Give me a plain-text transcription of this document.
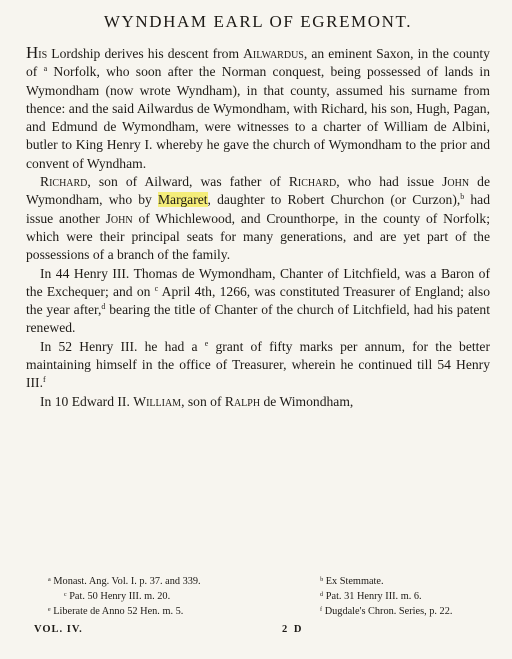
WYNDHAM EARL OF EGREMONT.

His Lordship derives his descent from Ailwardus, an eminent Saxon, in the county of $^a$ Norfolk, who soon after the Norman conquest, being possessed of lands in Wymondham (now wrote Wyndham), in that county, assumed his surname from thence: and the said Ailwardus de Wymondham, with Richard, his son, Hugh, Pagan, and Edmund de Wymondham, were witnesses to a charter of William de Albini, butler to King Henry I. whereby he gave the church of Wymondham to the prior and convent of Wyndham.

Richard, son of Ailward, was father of Richard, who had issue John de Wymondham, who by Margaret, daughter to Robert Churchon (or Curzon),$^b$ had issue another John of Whichlewood, and Crounthorpe, in the county of Norfolk; which were their principal seats for many generations, and are yet part of the possessions of a branch of the family.

In 44 Henry III. Thomas de Wymondham, Chanter of Litchfield, was a Baron of the Exchequer; and on $^c$ April 4th, 1266, was constituted Treasurer of England; also the year after,$^d$ bearing the title of Chanter of the church of Litchfield, had his patent renewed.

In 52 Henry III. he had a $^e$ grant of fifty marks per annum, for the better maintaining himself in the office of Treasurer, wherein he continued till 54 Henry III.$^f$

In 10 Edward II. William, son of Ralph de Wimondham,

ᵃ Monast. Ang. Vol. I. p. 37. and 339.	ᵇ Ex Stemmate.
ᶜ Pat. 50 Henry III. m. 20.	ᵈ Pat. 31 Henry III. m. 6.
ᵉ Liberate de Anno 52 Hen. m. 5.	ᶠ Dugdale's Chron. Series, p. 22.
VOL. IV.	2 D
